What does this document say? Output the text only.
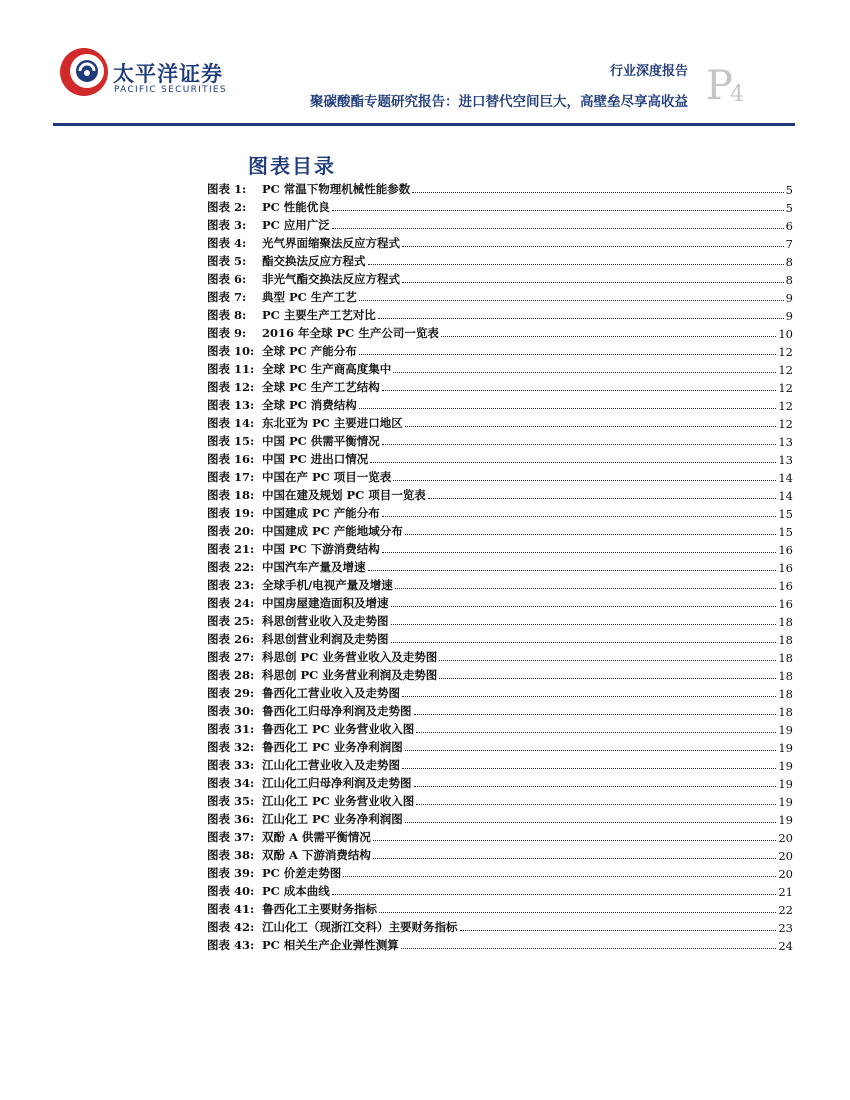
太平洋证券
PACIFIC SECURITIES
行业深度报告
聚碳酸酯专题研究报告：进口替代空间巨大，高壁垒尽享高收益 P
4
图表目录
图表 1:	PC 常温下物理机械性能参数	5
图表 2:	PC 性能优良	5
图表 3:	PC 应用广泛	6
图表 4:	光气界面缩聚法反应方程式	7
图表 5:	酯交换法反应方程式	8
图表 6:	非光气酯交换法反应方程式	8
图表 7:	典型 PC 生产工艺	9
图表 8:	PC 主要生产工艺对比	9
图表 9:	2016 年全球 PC 生产公司一览表	10
图表 10: 全球 PC 产能分布	12
图表 11: 全球 PC 生产商高度集中	12
图表 12: 全球 PC 生产工艺结构	12
图表 13: 全球 PC 消费结构	12
图表 14: 东北亚为 PC 主要进口地区	12
图表 15: 中国 PC 供需平衡情况	13
图表 16: 中国 PC 进出口情况	13
图表 17: 中国在产 PC 项目一览表	14
图表 18: 中国在建及规划 PC 项目一览表	14
图表 19: 中国建成 PC 产能分布	15
图表 20: 中国建成 PC 产能地域分布	15
图表 21: 中国 PC 下游消费结构	16
图表 22: 中国汽车产量及增速	16
图表 23: 全球手机/电视产量及增速	16
图表 24: 中国房屋建造面积及增速	16
图表 25: 科思创营业收入及走势图	18
图表 26: 科思创营业利润及走势图	18
图表 27: 科思创 PC 业务营业收入及走势图	18
图表 28: 科思创 PC 业务营业利润及走势图	18
图表 29: 鲁西化工营业收入及走势图	18
图表 30: 鲁西化工归母净利润及走势图	18
图表 31: 鲁西化工 PC 业务营业收入图	19
图表 32: 鲁西化工 PC 业务净利润图	19
图表 33: 江山化工营业收入及走势图	19
图表 34: 江山化工归母净利润及走势图	19
图表 35: 江山化工 PC 业务营业收入图	19
图表 36: 江山化工 PC 业务净利润图	19
图表 37: 双酚 A 供需平衡情况	20
图表 38: 双酚 A 下游消费结构	20
图表 39: PC 价差走势图	20
图表 40: PC 成本曲线	21
图表 41: 鲁西化工主要财务指标	22
图表 42: 江山化工（现浙江交科）主要财务指标	23
图表 43: PC 相关生产企业弹性测算	24
